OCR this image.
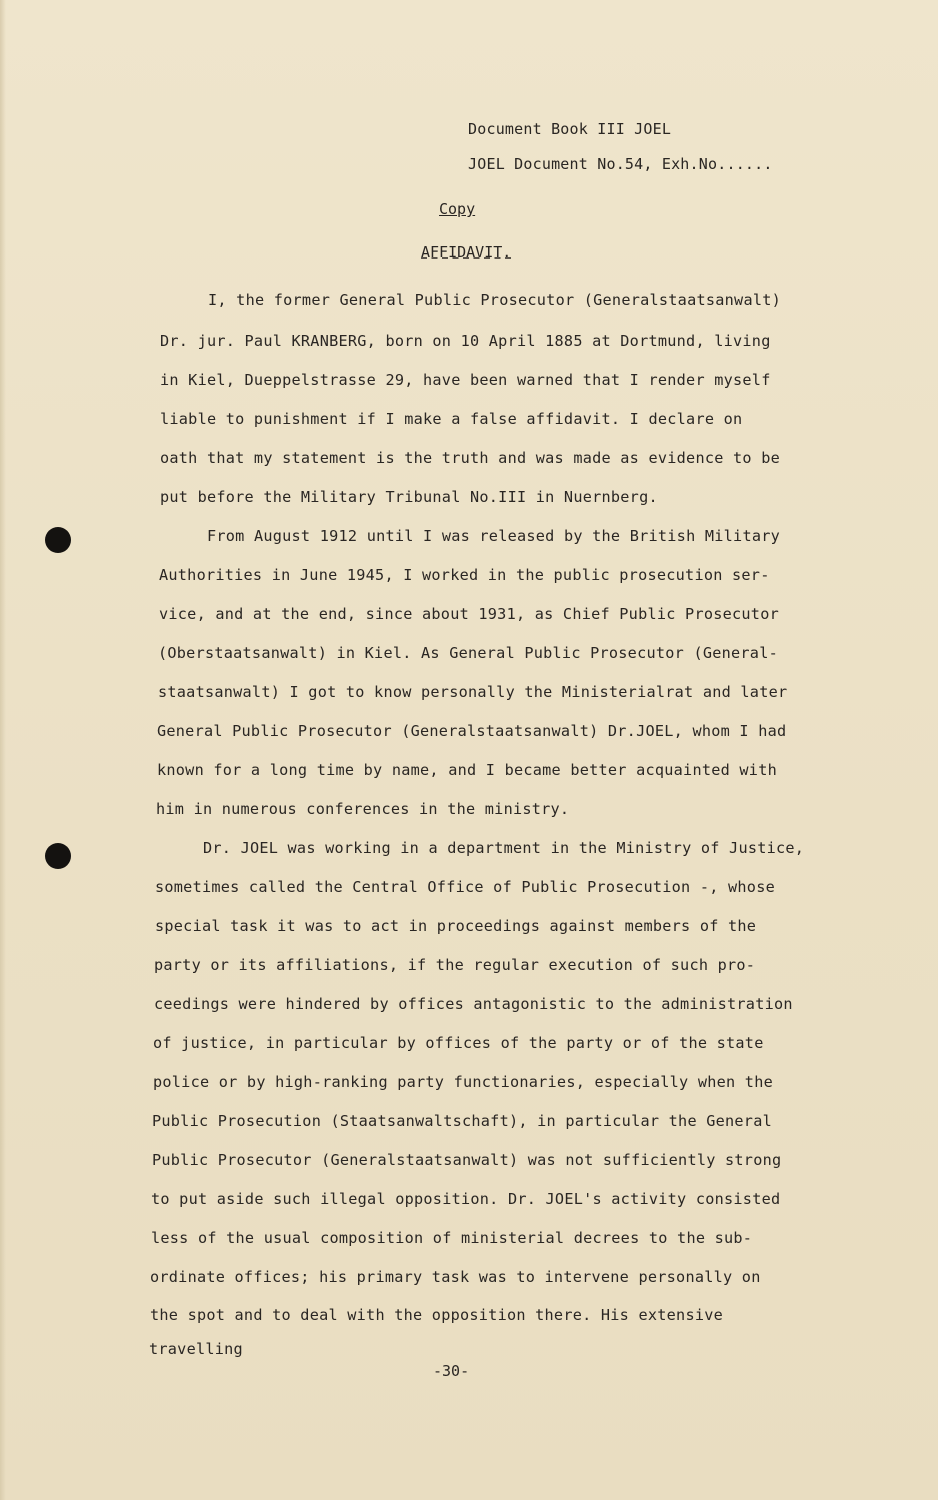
Document Book III JOEL
JOEL Document No.54, Exh.No......
Copy
AFFIDAVIT.
I, the former General Public Prosecutor (Generalstaatsanwalt)
Dr. jur. Paul KRANBERG, born on 10 April 1885 at Dortmund, living
in Kiel, Dueppelstrasse 29, have been warned that I render myself
liable to punishment if I make a false affidavit. I declare on
oath that my statement is the truth and was made as evidence to be
put before the Military Tribunal No.III in Nuernberg.
From August 1912 until I was released by the British Military
Authorities in June 1945, I worked in the public prosecution ser-
vice, and at the end, since about 1931, as Chief Public Prosecutor
(Oberstaatsanwalt) in Kiel. As General Public Prosecutor (General-
staatsanwalt) I got to know personally the Ministerialrat and later
General Public Prosecutor (Generalstaatsanwalt) Dr.JOEL, whom I had
known for a long time by name, and I became better acquainted with
him in numerous conferences in the ministry.
Dr. JOEL was working in a department in the Ministry of Justice,
sometimes called the Central Office of Public Prosecution -, whose
special task it was to act in proceedings against members of the
party or its affiliations, if the regular execution of such pro-
ceedings were hindered by offices antagonistic to the administration
of justice, in particular by offices of the party or of the state
police or by high-ranking party functionaries, especially when the
Public Prosecution (Staatsanwaltschaft), in particular the General
Public Prosecutor (Generalstaatsanwalt) was not sufficiently strong
to put aside such illegal opposition. Dr. JOEL's activity consisted
less of the usual composition of ministerial decrees to the sub-
ordinate offices; his primary task was to intervene personally on
the spot and to deal with the opposition there. His extensive
travelling
-30-
